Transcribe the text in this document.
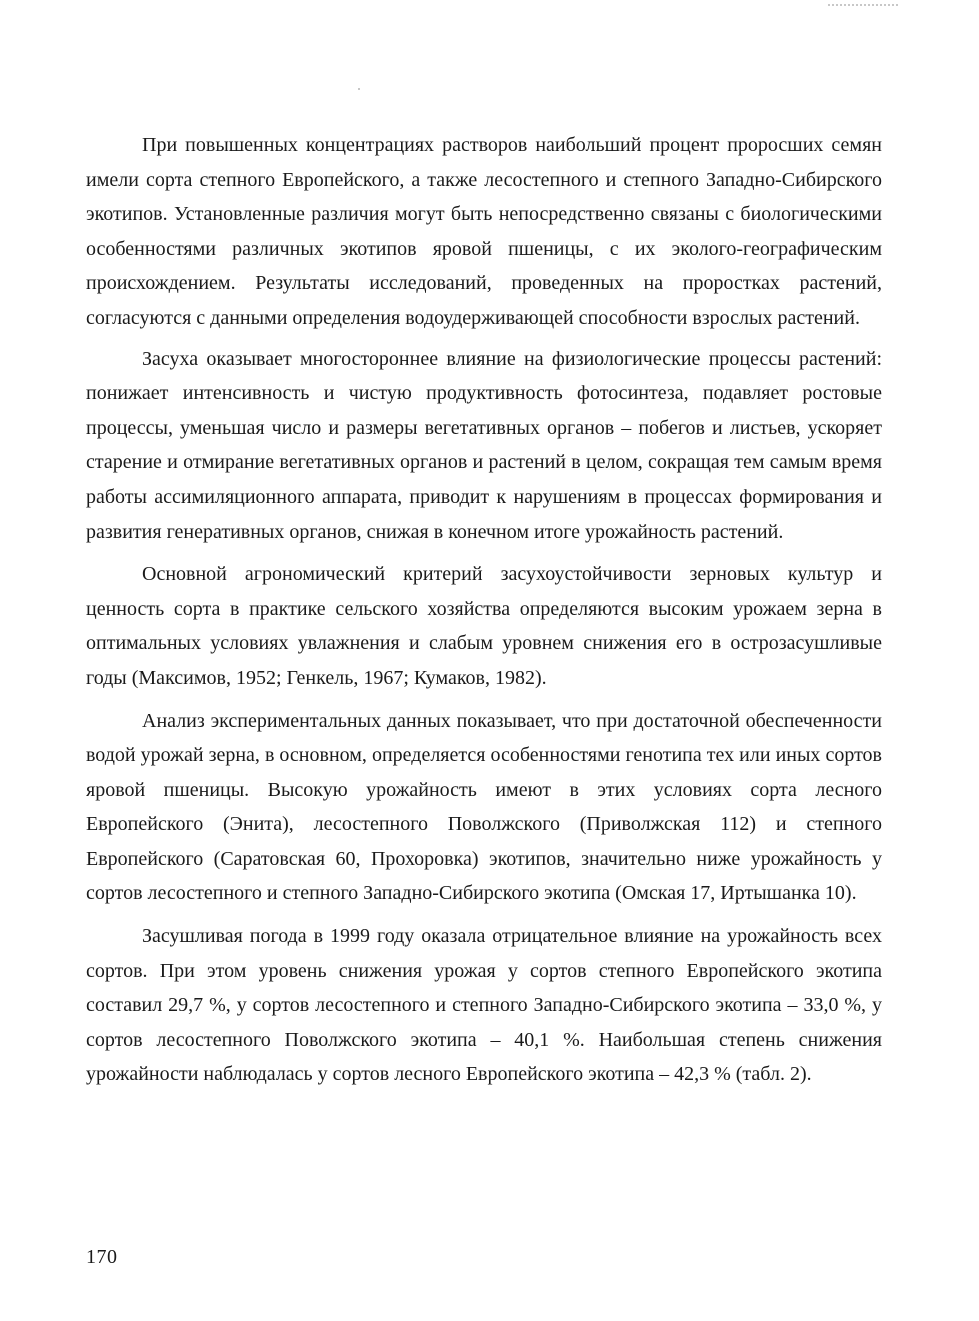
При повышенных концентрациях растворов наибольший процент проросших семян имели сорта степного Европейского, а также лесостепного и степного Западно-Сибирского экотипов. Установленные различия могут быть непосредственно связаны с биологическими особенностями различных экотипов яровой пшеницы, с их эколого-географическим происхождением. Результаты исследований, проведенных на проростках растений, согласуются с данными определения водоудерживающей способности взрослых растений.

Засуха оказывает многостороннее влияние на физиологические процессы растений: понижает интенсивность и чистую продуктивность фотосинтеза, подавляет ростовые процессы, уменьшая число и размеры вегетативных органов – побегов и листьев, ускоряет старение и отмирание вегетативных органов и растений в целом, сокращая тем самым время работы ассимиляционного аппарата, приводит к нарушениям в процессах формирования и развития генеративных органов, снижая в конечном итоге урожайность растений.

Основной агрономический критерий засухоустойчивости зерновых культур и ценность сорта в практике сельского хозяйства определяются высоким урожаем зерна в оптимальных условиях увлажнения и слабым уровнем снижения его в острозасушливые годы (Максимов, 1952; Генкель, 1967; Кумаков, 1982).

Анализ экспериментальных данных показывает, что при достаточной обеспеченности водой урожай зерна, в основном, определяется особенностями генотипа тех или иных сортов яровой пшеницы. Высокую урожайность имеют в этих условиях сорта лесного Европейского (Энита), лесостепного Поволжского (Приволжская 112) и степного Европейского (Саратовская 60, Прохоровка) экотипов, значительно ниже урожайность у сортов лесостепного и степного Западно-Сибирского экотипа (Омская 17, Иртышанка 10).

Засушливая погода в 1999 году оказала отрицательное влияние на урожайность всех сортов. При этом уровень снижения урожая у сортов степного Европейского экотипа составил 29,7 %, у сортов лесостепного и степного Западно-Сибирского экотипа – 33,0 %, у сортов лесостепного Поволжского экотипа – 40,1 %. Наибольшая степень снижения урожайности наблюдалась у сортов лесного Европейского экотипа – 42,3 % (табл. 2).

170
